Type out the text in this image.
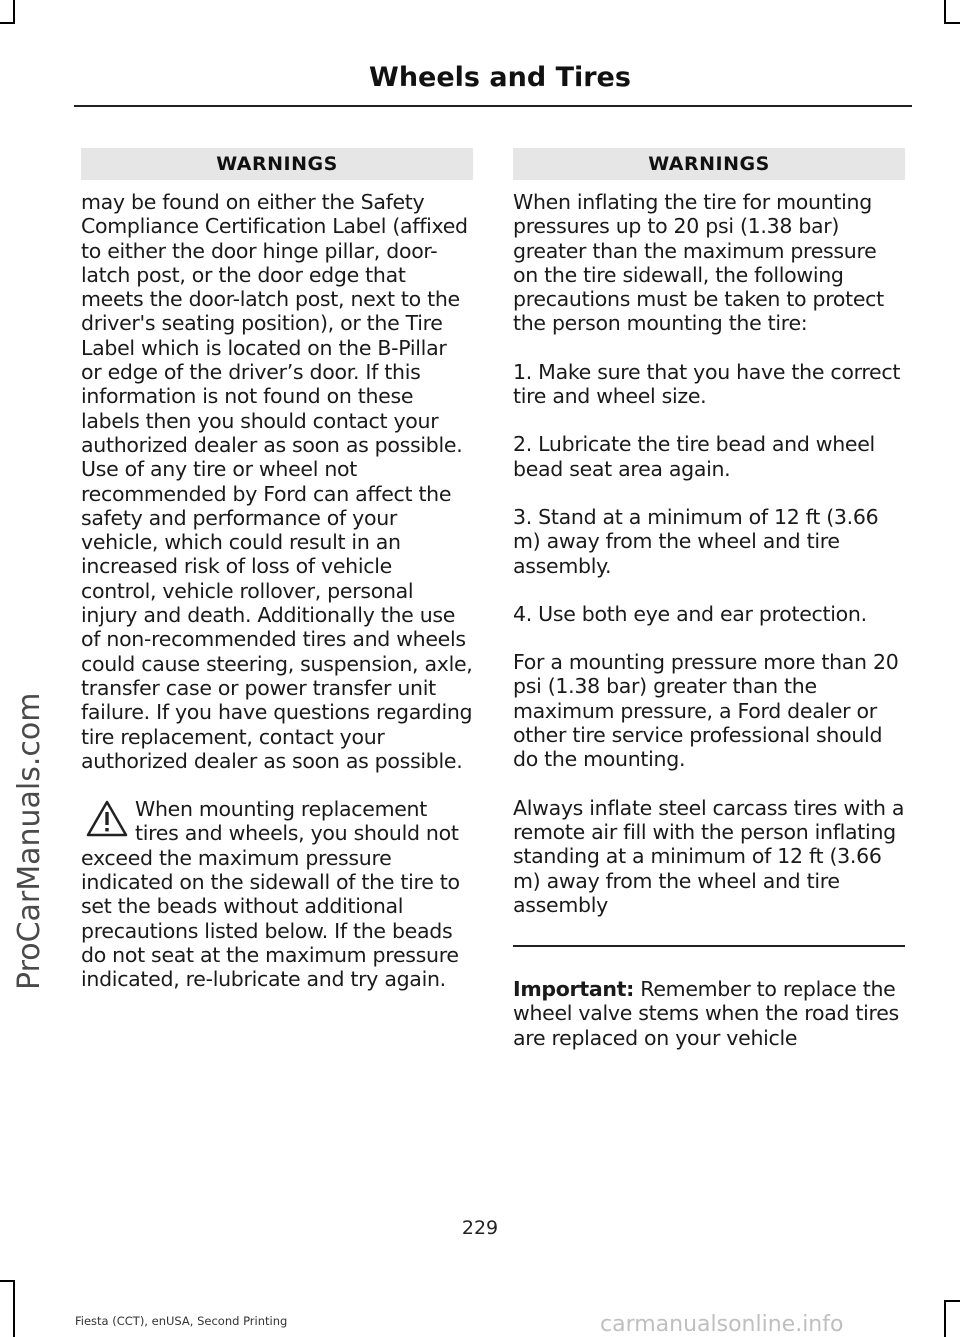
Wheels and Tires
ProCarManuals.com
WARNINGS

may be found on either the Safety Compliance Certification Label (affixed to either the door hinge pillar, door-latch post, or the door edge that meets the door-latch post, next to the driver's seating position), or the Tire Label which is located on the B-Pillar or edge of the driver’s door. If this information is not found on these labels then you should contact your authorized dealer as soon as possible. Use of any tire or wheel not recommended by Ford can affect the safety and performance of your vehicle, which could result in an increased risk of loss of vehicle control, vehicle rollover, personal injury and death. Additionally the use of non-recommended tires and wheels could cause steering, suspension, axle, transfer case or power transfer unit failure. If you have questions regarding tire replacement, contact your authorized dealer as soon as possible.

When mounting replacement tires and wheels, you should not exceed the maximum pressure indicated on the sidewall of the tire to set the beads without additional precautions listed below. If the beads do not seat at the maximum pressure indicated, re-lubricate and try again.
WARNINGS

When inflating the tire for mounting pressures up to 20 psi (1.38 bar) greater than the maximum pressure on the tire sidewall, the following precautions must be taken to protect the person mounting the tire:

1. Make sure that you have the correct tire and wheel size.

2. Lubricate the tire bead and wheel bead seat area again.

3. Stand at a minimum of 12 ft (3.66 m) away from the wheel and tire assembly.

4. Use both eye and ear protection.

For a mounting pressure more than 20 psi (1.38 bar) greater than the maximum pressure, a Ford dealer or other tire service professional should do the mounting.

Always inflate steel carcass tires with a remote air fill with the person inflating standing at a minimum of 12 ft (3.66 m) away from the wheel and tire assembly

Important: Remember to replace the wheel valve stems when the road tires are replaced on your vehicle

229
Fiesta (CCT), enUSA, Second Printing	carmanualsonline.info
